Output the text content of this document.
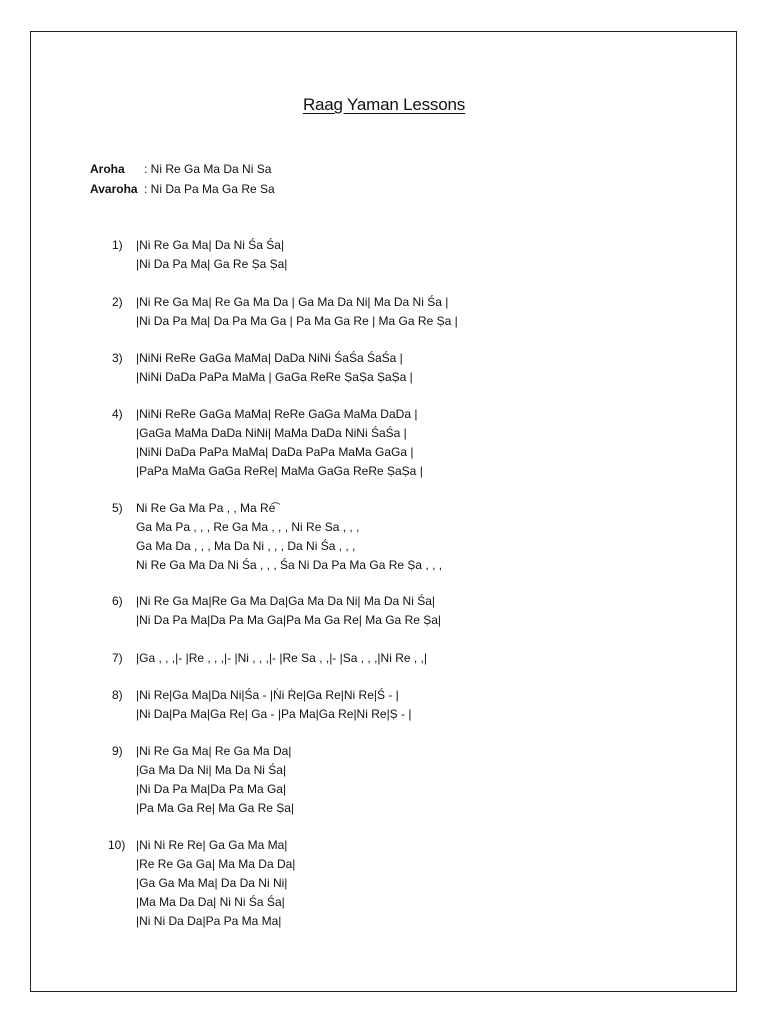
Raag Yaman Lessons
Aroha	: Ni Re Ga Ma Da Ni Sa
Avaroha : Ni Da Pa Ma Ga Re Sa
1)	|Ni Re Ga Ma| Da Ni Śa Śa|
|Ni Da Pa Ma| Ga Re Ṣa Ṣa|
2)	|Ni Re Ga Ma| Re Ga Ma Da | Ga Ma Da Ni| Ma Da Ni Śa |
|Ni Da Pa Ma| Da Pa Ma Ga | Pa Ma Ga Re | Ma Ga Re Ṣa |
3)	|NiNi ReRe GaGa MaMa| DaDa NiNi ŚaŚa ŚaŚa |
|NiNi DaDa PaPa MaMa | GaGa ReRe ṢaṢa ṢaṢa |
4)	|NiNi ReRe GaGa MaMa| ReRe GaGa MaMa DaDa |
|GaGa MaMa DaDa NiNi| MaMa DaDa NiNi ŚaŚa |
|NiNi DaDa PaPa MaMa| DaDa PaPa MaMa GaGa |
|PaPa MaMa GaGa ReRe| MaMa GaGa ReRe ṢaṢa |
5)	Ni Re Ga Ma Pa , , Ma Re͡
Ga Ma Pa , , , Re Ga Ma , , , Ni Re Sa , , ,
Ga Ma Da , , , Ma Da Ni , , , Da Ni Śa , , ,
Ni Re Ga Ma Da Ni Śa , , , Śa Ni Da Pa Ma Ga Re Ṣa , , ,
6)	|Ni Re Ga Ma|Re Ga Ma Da|Ga Ma Da Ni| Ma Da Ni Śa|
|Ni Da Pa Ma|Da Pa Ma Ga|Pa Ma Ga Re| Ma Ga Re Ṣa|
7)	|Ga , , ,|- |Re , , ,|- |Ni , , ,|- |Re Sa , ,|- |Sa , , ,|Ni Re , ,|
8)	|Ni Re|Ga Ma|Da Ni|Śa - |Ṅi Ṙe|Ga Re|Ni Re|Ś - |
|Ni Da|Pa Ma|Ga Re| Ga - |Pa Ma|Ga Re|Ni Re|Ṣ - |
9)	|Ni Re Ga Ma| Re Ga Ma Da|
|Ga Ma Da Ni| Ma Da Ni Śa|
|Ni Da Pa Ma|Da Pa Ma Ga|
|Pa Ma Ga Re| Ma Ga Re Ṣa|
10) |Ni Ni Re Re| Ga Ga Ma Ma|
|Re Re Ga Ga| Ma Ma Da Da|
|Ga Ga Ma Ma| Da Da Ni Ni|
|Ma Ma Da Da| Ni Ni Śa Śa|
|Ni Ni Da Da|Pa Pa Ma Ma|
